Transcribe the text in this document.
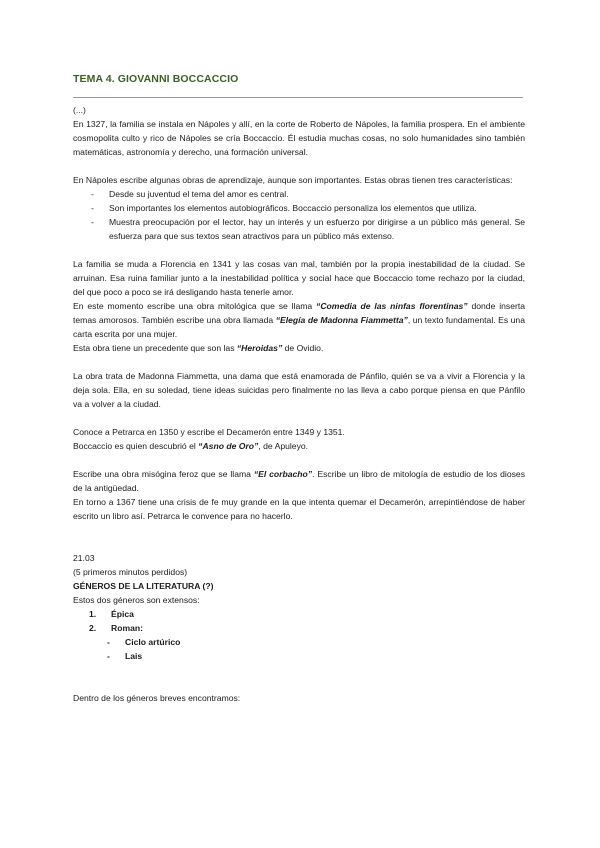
TEMA 4. GIOVANNI BOCCACCIO

(...)

En 1327, la familia se instala en Nápoles y allí, en la corte de Roberto de Nápoles, la familia prospera. En el ambiente cosmopolita culto y rico de Nápoles se cría Boccaccio. Él estudia muchas cosas, no solo humanidades sino también matemáticas, astronomía y derecho, una formación universal.

En Nápoles escribe algunas obras de aprendizaje, aunque son importantes. Estas obras tienen tres características:

- Desde su juventud el tema del amor es central.
- Son importantes los elementos autobiográficos. Boccaccio personaliza los elementos que utiliza.
- Muestra preocupación por el lector, hay un interés y un esfuerzo por dirigirse a un público más general. Se esfuerza para que sus textos sean atractivos para un público más extenso.

La familia se muda a Florencia en 1341 y las cosas van mal, también por la propia inestabilidad de la ciudad. Se arruinan. Esa ruina familiar junto a la inestabilidad política y social hace que Boccaccio tome rechazo por la ciudad, del que poco a poco se irá desligando hasta tenerle amor.

En este momento escribe una obra mitológica que se llama “Comedia de las ninfas florentinas” donde inserta temas amorosos. También escribe una obra llamada “Elegía de Madonna Fiammetta”, un texto fundamental. Es una carta escrita por una mujer.

Esta obra tiene un precedente que son las “Heroidas” de Ovidio.

La obra trata de Madonna Fiammetta, una dama que está enamorada de Pánfilo, quién se va a vivir a Florencia y la deja sola. Ella, en su soledad, tiene ideas suicidas pero finalmente no las lleva a cabo porque piensa en que Pánfilo va a volver a la ciudad.

Conoce a Petrarca en 1350 y escribe el Decamerón entre 1349 y 1351.

Boccaccio es quien descubrió el “Asno de Oro”, de Apuleyo.

Escribe una obra misógina feroz que se llama “El corbacho”. Escribe un libro de mitología de estudio de los dioses de la antigüedad.

En torno a 1367 tiene una crisis de fe muy grande en la que intenta quemar el Decamerón, arrepintiéndose de haber escrito un libro así. Petrarca le convence para no hacerlo.

21.03

(5 primeros minutos perdidos)

GÉNEROS DE LA LITERATURA (?)

Estos dos géneros son extensos:

1. Épica
2. Roman:
- Ciclo artúrico
- Lais

Dentro de los géneros breves encontramos:
